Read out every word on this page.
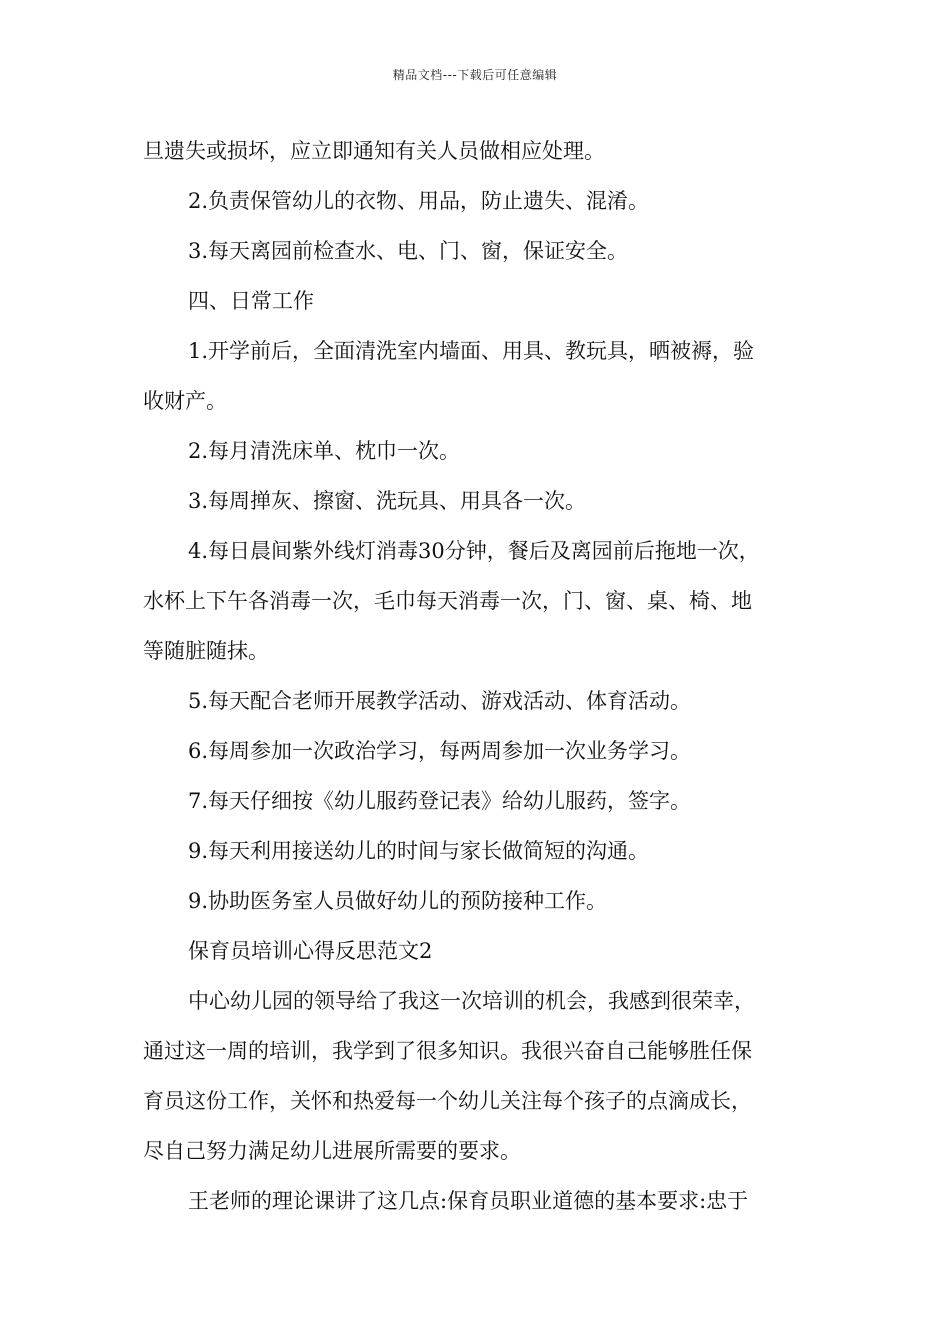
精品文档---下载后可任意编辑
旦遗失或损坏，应立即通知有关人员做相应处理。
2.负责保管幼儿的衣物、用品，防止遗失、混淆。
3.每天离园前检查水、电、门、窗，保证安全。
四、日常工作
1.开学前后，全面清洗室内墙面、用具、教玩具，晒被褥，验
收财产。
2.每月清洗床单、枕巾一次。
3.每周掸灰、擦窗、洗玩具、用具各一次。
4.每日晨间紫外线灯消毒30分钟，餐后及离园前后拖地一次，
水杯上下午各消毒一次，毛巾每天消毒一次，门、窗、桌、椅、地
等随脏随抹。
5.每天配合老师开展教学活动、游戏活动、体育活动。
6.每周参加一次政治学习，每两周参加一次业务学习。
7.每天仔细按《幼儿服药登记表》给幼儿服药，签字。
9.每天利用接送幼儿的时间与家长做简短的沟通。
9.协助医务室人员做好幼儿的预防接种工作。
保育员培训心得反思范文2
中心幼儿园的领导给了我这一次培训的机会，我感到很荣幸，
通过这一周的培训，我学到了很多知识。我很兴奋自己能够胜任保
育员这份工作，关怀和热爱每一个幼儿关注每个孩子的点滴成长，
尽自己努力满足幼儿进展所需要的要求。
王老师的理论课讲了这几点:保育员职业道德的基本要求:忠于
